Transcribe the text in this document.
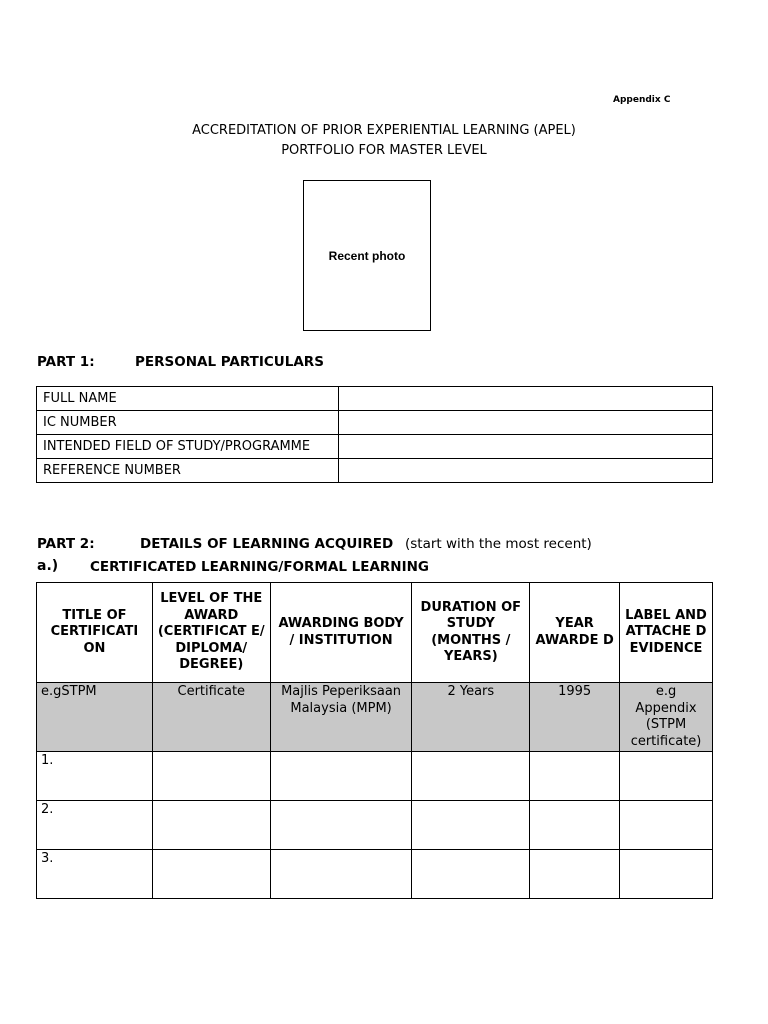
Appendix C
ACCREDITATION OF PRIOR EXPERIENTIAL LEARNING (APEL)
PORTFOLIO FOR MASTER LEVEL
Recent photo
PART 1:	PERSONAL PARTICULARS
FULL NAME	
IC NUMBER	
INTENDED FIELD OF STUDY/PROGRAMME	
REFERENCE NUMBER	
PART 2:	DETAILS OF LEARNING ACQUIRED (start with the most recent)
a.) CERTIFICATED LEARNING/FORMAL LEARNING
TITLE OF CERTIFICATI ON	LEVEL OF THE AWARD (CERTIFICAT E/ DIPLOMA/ DEGREE)	AWARDING BODY / INSTITUTION	DURATION OF STUDY (MONTHS / YEARS)	YEAR AWARDE D	LABEL AND ATTACHE D EVIDENCE
e.gSTPM	Certificate	Majlis Peperiksaan Malaysia (MPM)	2 Years	1995	e.g Appendix (STPM certificate)
1.					
2.					
3.					
